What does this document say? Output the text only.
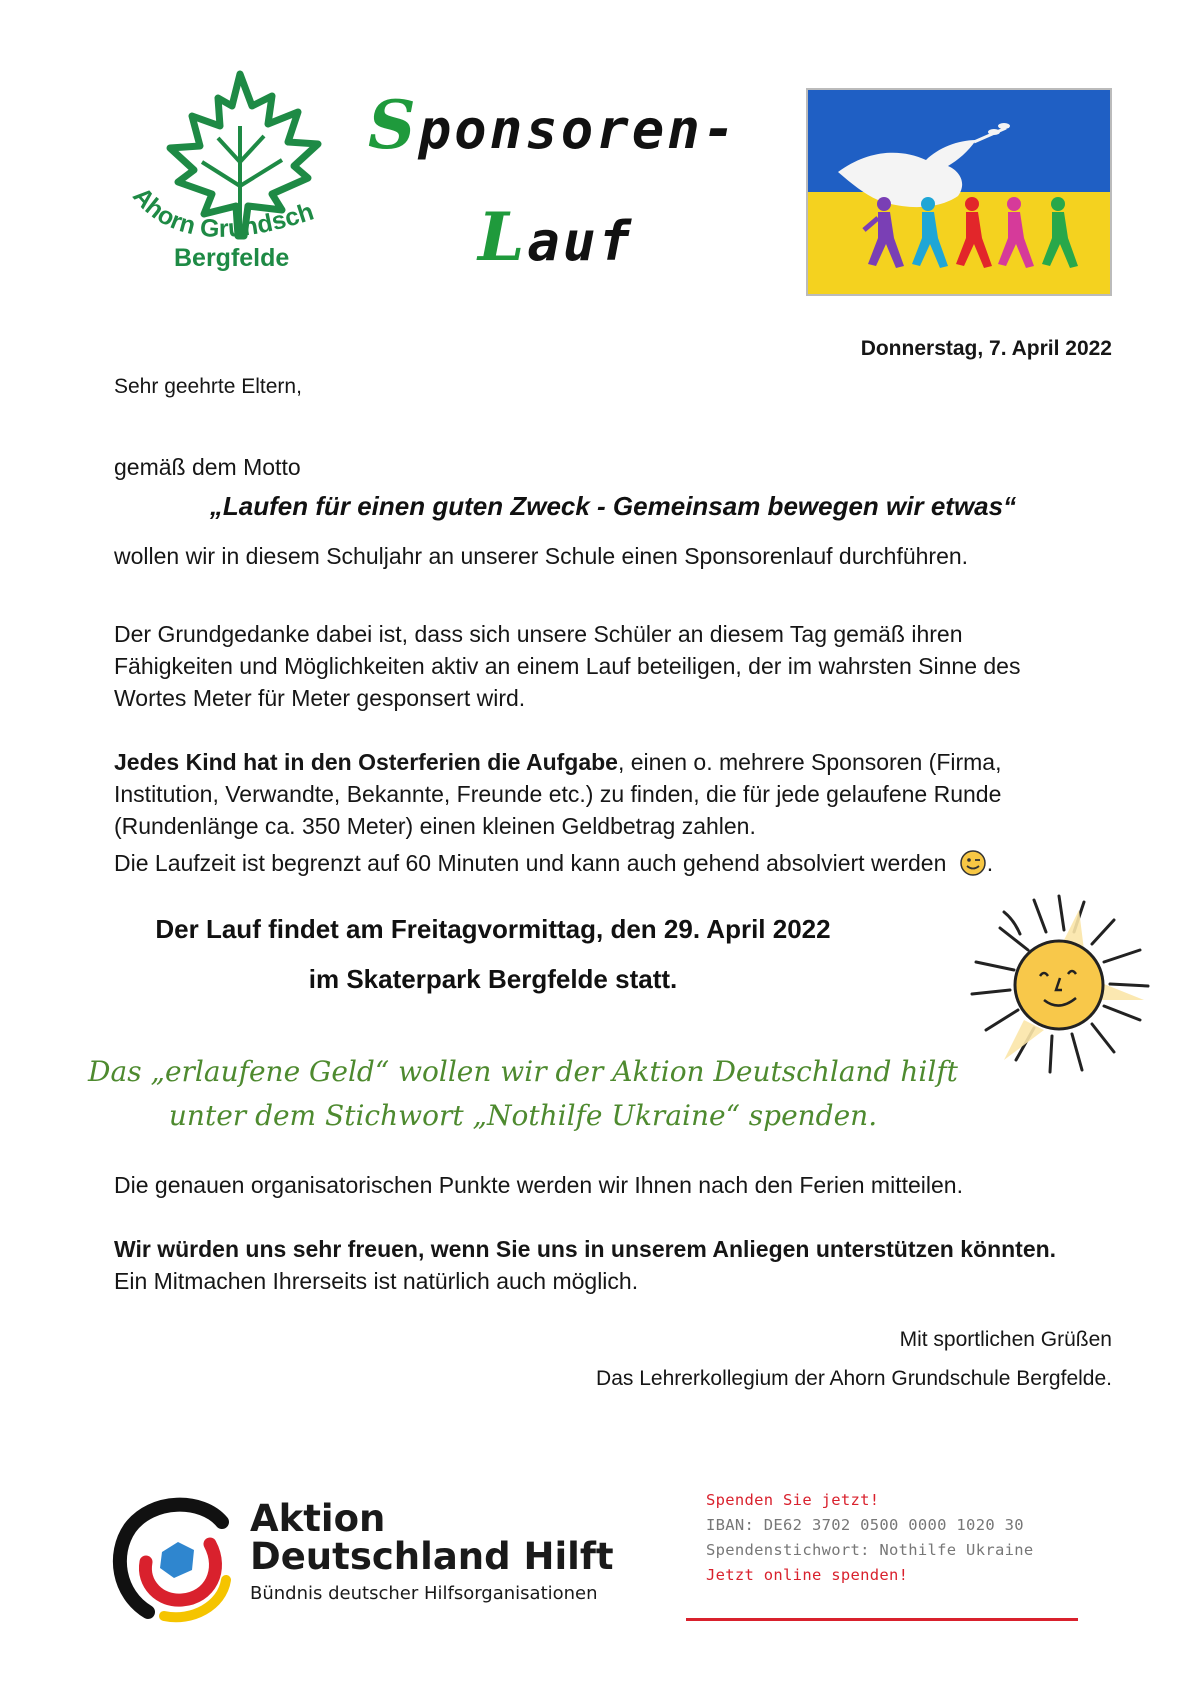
Ahorn Grundsch
Bergfelde
Sponsoren-
Lauf
Donnerstag, 7. April 2022
Sehr geehrte Eltern,
gemäß dem Motto
„Laufen für einen guten Zweck - Gemeinsam bewegen wir etwas“
wollen wir in diesem Schuljahr an unserer Schule einen Sponsorenlauf durchführen.
Der Grundgedanke dabei ist, dass sich unsere Schüler an diesem Tag gemäß ihren
Fähigkeiten und Möglichkeiten aktiv an einem Lauf beteiligen, der im wahrsten Sinne des
Wortes Meter für Meter gesponsert wird.
Jedes Kind hat in den Osterferien die Aufgabe, einen o. mehrere Sponsoren (Firma,
Institution, Verwandte, Bekannte, Freunde etc.) zu finden, die für jede gelaufene Runde
(Rundenlänge ca. 350 Meter) einen kleinen Geldbetrag zahlen.
Die Laufzeit ist begrenzt auf 60 Minuten und kann auch gehend absolviert werden .
Der Lauf findet am Freitagvormittag, den 29. April 2022
im Skaterpark Bergfelde statt.
Das „erlaufene Geld“ wollen wir der Aktion Deutschland hilft
unter dem Stichwort „Nothilfe Ukraine“ spenden.
Die genauen organisatorischen Punkte werden wir Ihnen nach den Ferien mitteilen.
Wir würden uns sehr freuen, wenn Sie uns in unserem Anliegen unterstützen könnten.
Ein Mitmachen Ihrerseits ist natürlich auch möglich.
Mit sportlichen Grüßen
Das Lehrerkollegium der Ahorn Grundschule Bergfelde.
Aktion
Deutschland Hilft
Bündnis deutscher Hilfsorganisationen
Spenden Sie jetzt!
IBAN: DE62 3702 0500 0000 1020 30
Spendenstichwort: Nothilfe Ukraine
Jetzt online spenden!
